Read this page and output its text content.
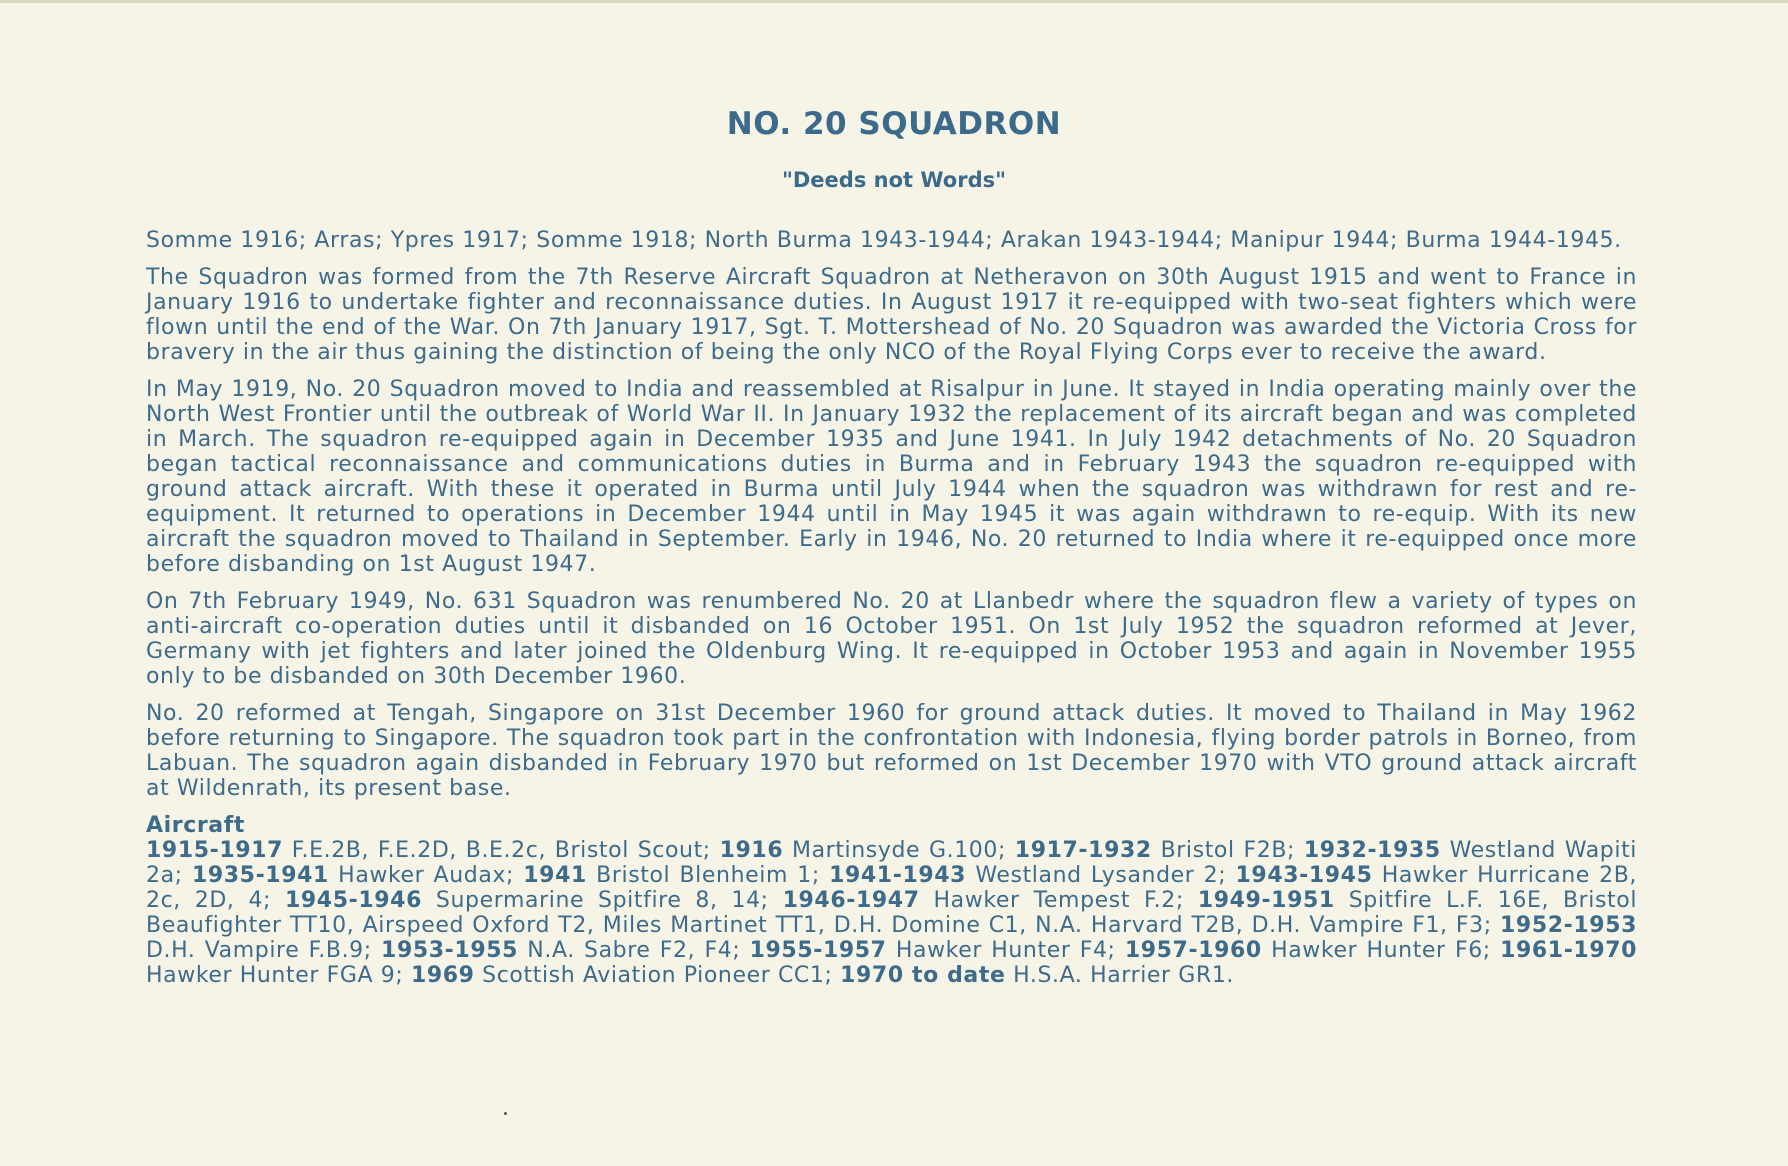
NO. 20 SQUADRON
"Deeds not Words"

Somme 1916; Arras; Ypres 1917; Somme 1918; North Burma 1943-1944; Arakan 1943-1944; Manipur 1944; Burma 1944-1945.

The Squadron was formed from the 7th Reserve Aircraft Squadron at Netheravon on 30th August 1915 and went to France in January 1916 to undertake fighter and reconnaissance duties. In August 1917 it re-equipped with two-seat fighters which were flown until the end of the War. On 7th January 1917, Sgt. T. Mottershead of No. 20 Squadron was awarded the Victoria Cross for bravery in the air thus gaining the distinction of being the only NCO of the Royal Flying Corps ever to receive the award.

In May 1919, No. 20 Squadron moved to India and reassembled at Risalpur in June. It stayed in India operating mainly over the North West Frontier until the outbreak of World War II. In January 1932 the replacement of its aircraft began and was completed in March. The squadron re-equipped again in December 1935 and June 1941. In July 1942 detachments of No. 20 Squadron began tactical reconnaissance and communications duties in Burma and in February 1943 the squadron re-equipped with ground attack aircraft. With these it operated in Burma until July 1944 when the squadron was withdrawn for rest and re-equipment. It returned to operations in December 1944 until in May 1945 it was again withdrawn to re-equip. With its new aircraft the squadron moved to Thailand in September. Early in 1946, No. 20 returned to India where it re-equipped once more before disbanding on 1st August 1947.

On 7th February 1949, No. 631 Squadron was renumbered No. 20 at Llanbedr where the squadron flew a variety of types on anti-aircraft co-operation duties until it disbanded on 16 October 1951. On 1st July 1952 the squadron reformed at Jever, Germany with jet fighters and later joined the Oldenburg Wing. It re-equipped in October 1953 and again in November 1955 only to be disbanded on 30th December 1960.

No. 20 reformed at Tengah, Singapore on 31st December 1960 for ground attack duties. It moved to Thailand in May 1962 before returning to Singapore. The squadron took part in the confrontation with Indonesia, flying border patrols in Borneo, from Labuan. The squadron again disbanded in February 1970 but reformed on 1st December 1970 with VTO ground attack aircraft at Wildenrath, its present base.

Aircraft
1915-1917 F.E.2B, F.E.2D, B.E.2c, Bristol Scout; 1916 Martinsyde G.100; 1917-1932 Bristol F2B; 1932-1935 Westland Wapiti 2a; 1935-1941 Hawker Audax; 1941 Bristol Blenheim 1; 1941-1943 Westland Lysander 2; 1943-1945 Hawker Hurricane 2B, 2c, 2D, 4; 1945-1946 Supermarine Spitfire 8, 14; 1946-1947 Hawker Tempest F.2; 1949-1951 Spitfire L.F. 16E, Bristol Beaufighter TT10, Airspeed Oxford T2, Miles Martinet TT1, D.H. Domine C1, N.A. Harvard T2B, D.H. Vampire F1, F3; 1952-1953 D.H. Vampire F.B.9; 1953-1955 N.A. Sabre F2, F4; 1955-1957 Hawker Hunter F4; 1957-1960 Hawker Hunter F6; 1961-1970 Hawker Hunter FGA 9; 1969 Scottish Aviation Pioneer CC1; 1970 to date H.S.A. Harrier GR1.
